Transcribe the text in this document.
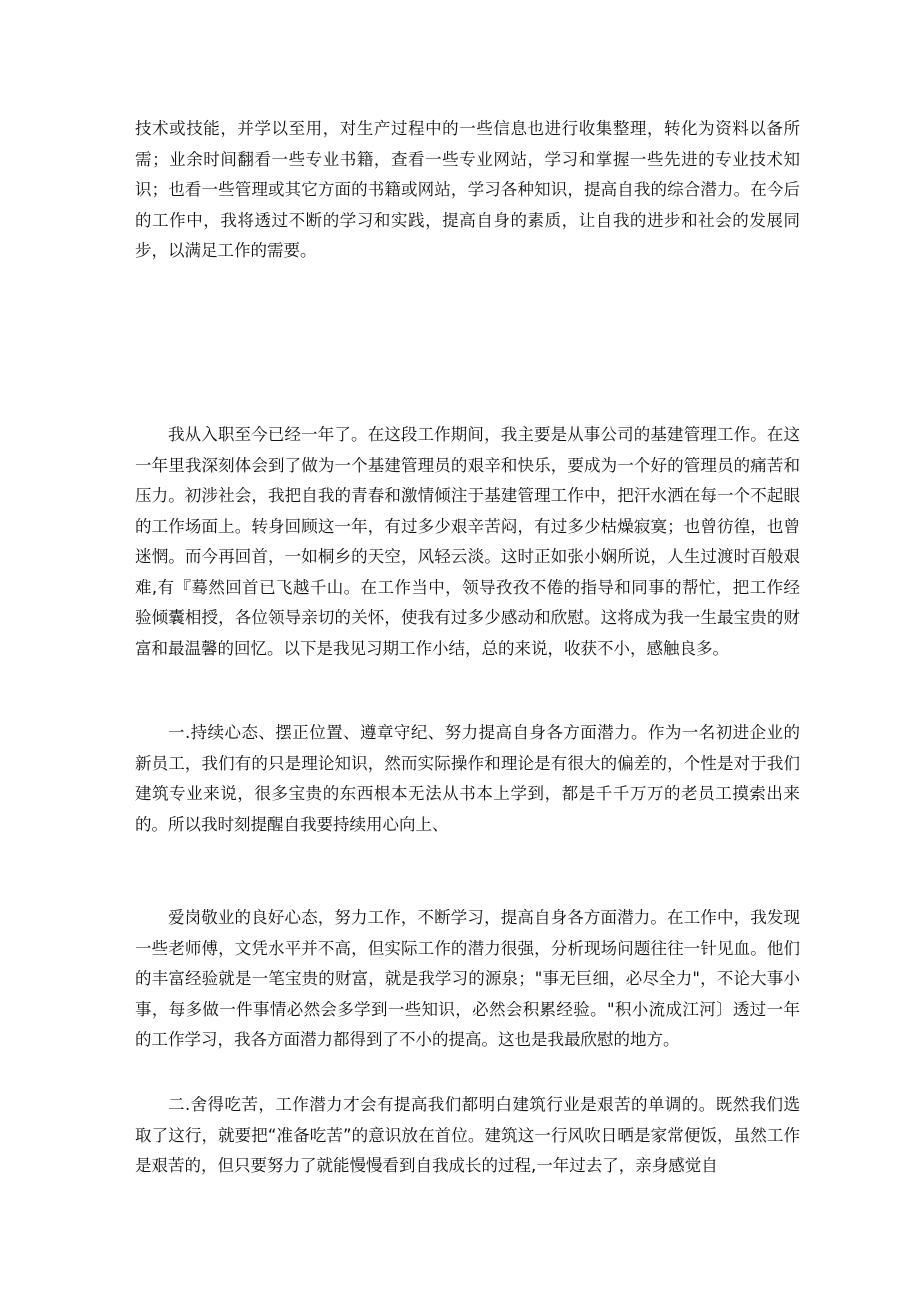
技术或技能，并学以至用，对生产过程中的一些信息也进行收集整理，转化为资料以备所需；业余时间翻看一些专业书籍，查看一些专业网站，学习和掌握一些先进的专业技术知识；也看一些管理或其它方面的书籍或网站，学习各种知识，提高自我的综合潜力。在今后的工作中，我将透过不断的学习和实践，提高自身的素质，让自我的进步和社会的发展同步，以满足工作的需要。

我从入职至今已经一年了。在这段工作期间，我主要是从事公司的基建管理工作。在这一年里我深刻体会到了做为一个基建管理员的艰辛和快乐，要成为一个好的管理员的痛苦和压力。初涉社会，我把自我的青春和激情倾注于基建管理工作中，把汗水洒在每一个不起眼的工作场面上。转身回顾这一年，有过多少艰辛苦闷，有过多少枯燥寂寞；也曾彷徨，也曾迷惘。而今再回首，一如桐乡的天空，风轻云淡。这时正如张小娴所说，人生过渡时百般艰难,有『蓦然回首已飞越千山。在工作当中，领导孜孜不倦的指导和同事的帮忙，把工作经验倾囊相授，各位领导亲切的关怀，使我有过多少感动和欣慰。这将成为我一生最宝贵的财富和最温馨的回忆。以下是我见习期工作小结，总的来说，收获不小，感触良多。

一.持续心态、摆正位置、遵章守纪、努力提高自身各方面潜力。作为一名初进企业的新员工，我们有的只是理论知识，然而实际操作和理论是有很大的偏差的，个性是对于我们建筑专业来说，很多宝贵的东西根本无法从书本上学到，都是千千万万的老员工摸索出来的。所以我时刻提醒自我要持续用心向上、

爱岗敬业的良好心态，努力工作，不断学习，提高自身各方面潜力。在工作中，我发现一些老师傅，文凭水平并不高，但实际工作的潜力很强，分析现场问题往往一针见血。他们的丰富经验就是一笔宝贵的财富，就是我学习的源泉；"事无巨细，必尽全力"，不论大事小事，每多做一件事情必然会多学到一些知识，必然会积累经验。"积小流成江河〕透过一年的工作学习，我各方面潜力都得到了不小的提高。这也是我最欣慰的地方。

二.舍得吃苦，工作潜力才会有提高我们都明白建筑行业是艰苦的单调的。既然我们选取了这行，就要把“准备吃苦”的意识放在首位。建筑这一行风吹日晒是家常便饭，虽然工作是艰苦的，但只要努力了就能慢慢看到自我成长的过程,一年过去了，亲身感觉自
